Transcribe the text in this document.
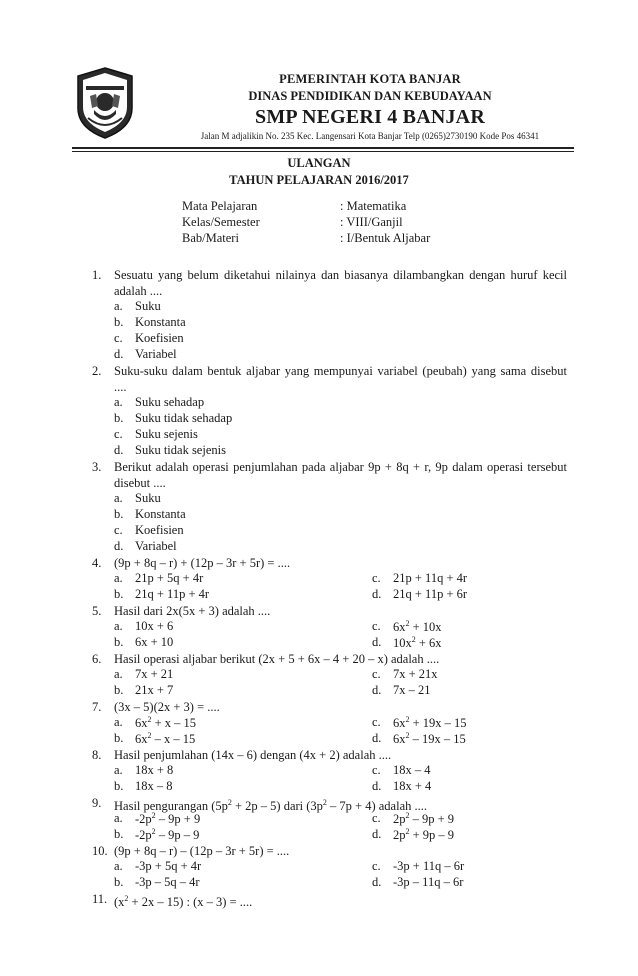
PEMERINTAH KOTA BANJAR
DINAS PENDIDIKAN DAN KEBUDAYAAN
SMP NEGERI 4 BANJAR
Jalan M adjalikin No. 235 Kec. Langensari Kota Banjar Telp (0265)2730190 Kode Pos 46341
ULANGAN
TAHUN PELAJARAN 2016/2017
Mata Pelajaran	: Matematika
Kelas/Semester	: VIII/Ganjil
Bab/Materi	: I/Bentuk Aljabar
1. Sesuatu yang belum diketahui nilainya dan biasanya dilambangkan dengan huruf kecil
adalah ....
a. Suku
b. Konstanta
c. Koefisien
d. Variabel
2. Suku-suku dalam bentuk aljabar yang mempunyai variabel (peubah) yang sama disebut
....
a. Suku sehadap
b. Suku tidak sehadap
c. Suku sejenis
d. Suku tidak sejenis
3. Berikut adalah operasi penjumlahan pada aljabar 9p + 8q + r, 9p dalam operasi tersebut
disebut ....
a. Suku
b. Konstanta
c. Koefisien
d. Variabel
4. (9p + 8q – r) + (12p – 3r + 5r) = ....
a. 21p + 5q + 4r	c. 21p + 11q + 4r
b. 21q + 11p + 4r	d. 21q + 11p + 6r
5. Hasil dari 2x(5x + 3) adalah ....
a. 10x + 6	c. $6x^2 + 10x$
b. 6x + 10	d. $10x^2 + 6x$
6. Hasil operasi aljabar berikut (2x + 5 + 6x – 4 + 20 – x) adalah ....
a. 7x + 21	c. 7x + 21x
b. 21x + 7	d. 7x – 21
7. (3x – 5)(2x + 3) = ....
a. $6x^2 + x - 15$	c. $6x^2 + 19x - 15$
b. $6x^2$ – x – 15	d. $6x^2 - 19x - 15$
8. Hasil penjumlahan (14x – 6) dengan (4x + 2) adalah ....
a. 18x + 8	c. 18x – 4
b. 18x – 8	d. 18x + 4
9. Hasil pengurangan $(5p^2 + 2p - 5)$ dari $(3p^2 - 7p + 4)$ adalah ....
a. $-2p^2 - 9p + 9$	c. $2p^2 - 9p + 9$
b. $-2p^2 - 9p - 9$	d. $2p^2 + 9p - 9$
10. (9p + 8q – r) – (12p – 3r + 5r) = ....
a. -3p + 5q + 4r	c. -3p + 11q – 6r
b. -3p – 5q – 4r	d. -3p – 11q – 6r
11. $(x^2 + 2x - 15)$ : (x – 3) = ....
